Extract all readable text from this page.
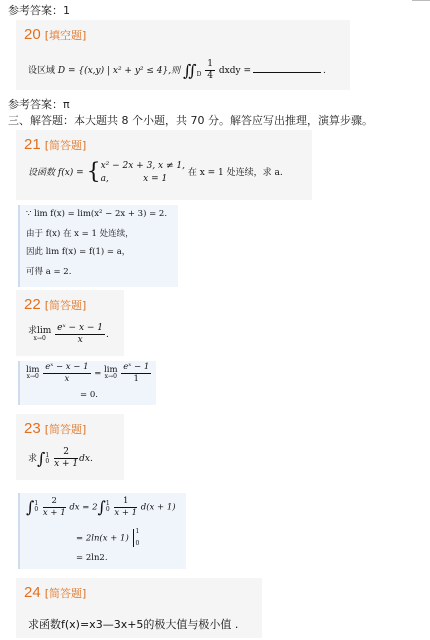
参考答案：1
20 [填空题]
设区域 D = {(x,y) | x² + y² ≤ 4},则 $∬_D \frac{1}{4}$ dxdy =	.
参考答案：π
三、解答题：本大题共 8 个小题，共 70 分。解答应写出推理，演算步骤。
21 [简答题]
设函数 f(x) = { x² − 2x + 3, x ≠ 1,
a,	x = 1
在 x = 1 处连续，求 a.
∵ lim f(x) = lim(x² − 2x + 3) = 2.
由于 f(x) 在 x = 1 处连续，
因此 lim f(x) = f(1) = a，
可得 a = 2.
22 [简答题]
求lim
x→0
	$\frac{\text{eˣ − x − 1}}{x}$ .
lim
x→0
$\frac{\text{eˣ − x − 1}}{x} = \lim$
x→0
$\frac{\text{eˣ − 1}}{1}$
= 0.
23 [简答题]
求∫ 1
0
$\frac{2}{x + 1}$ dx.
∫ 1
0
$\frac{2}{x + 1}$ dx = 2∫ 1
0
$\frac{1}{x + 1} d(x + 1)$
= 2ln(x + 1)
1
0
= 2ln2.
24 [简答题]
求函数f(x)=x3—3x+5的极大值与极小值 .
